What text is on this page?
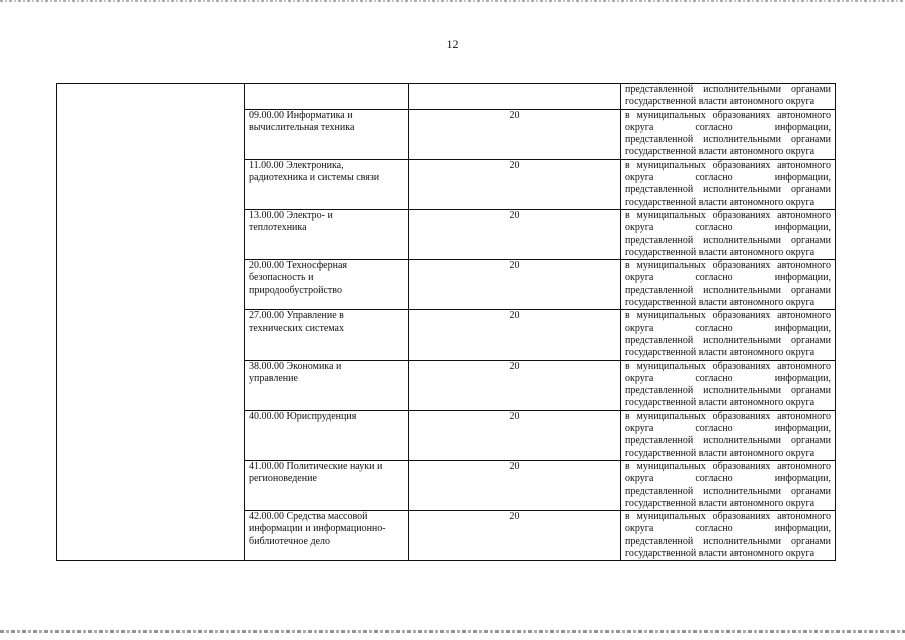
12

			представленной исполнительными органами
государственной власти автономного округа

	09.00.00 Информатика и
вычислительная техника	20	в муниципальных образованиях автономного
округа согласно информации,
представленной исполнительными органами
государственной власти автономного округа

	11.00.00 Электроника,
радиотехника и системы связи	20	в муниципальных образованиях автономного
округа согласно информации,
представленной исполнительными органами
государственной власти автономного округа

	13.00.00 Электро- и
теплотехника	20	в муниципальных образованиях автономного
округа согласно информации,
представленной исполнительными органами
государственной власти автономного округа

	20.00.00 Техносферная
безопасность и
природообустройство	20	в муниципальных образованиях автономного
округа согласно информации,
представленной исполнительными органами
государственной власти автономного округа

	27.00.00 Управление в
технических системах	20	в муниципальных образованиях автономного
округа согласно информации,
представленной исполнительными органами
государственной власти автономного округа

	38.00.00 Экономика и
управление	20	в муниципальных образованиях автономного
округа согласно информации,
представленной исполнительными органами
государственной власти автономного округа

	40.00.00 Юриспруденция	20	в муниципальных образованиях автономного
округа согласно информации,
представленной исполнительными органами
государственной власти автономного округа

	41.00.00 Политические науки и
регионоведение	20	в муниципальных образованиях автономного
округа согласно информации,
представленной исполнительными органами
государственной власти автономного округа

	42.00.00 Средства массовой
информации и информационно-
библиотечное дело	20	в муниципальных образованиях автономного
округа согласно информации,
представленной исполнительными органами
государственной власти автономного округа
